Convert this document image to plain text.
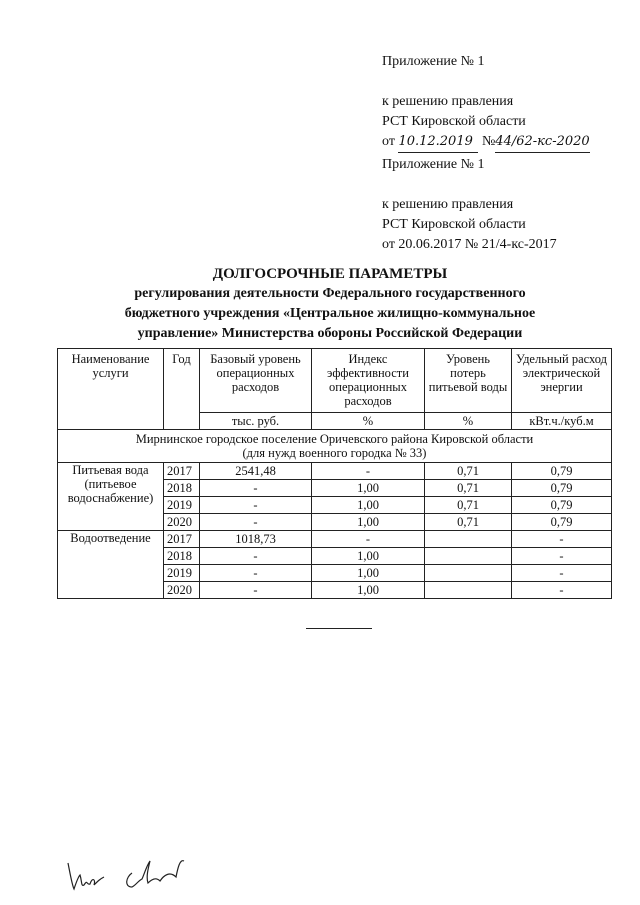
Приложение № 1
к решению правления
РСТ Кировской области
от 10.12.2019 №44/62-кс-2020
Приложение № 1
к решению правления
РСТ Кировской области
от 20.06.2017 № 21/4-кс-2017
ДОЛГОСРОЧНЫЕ ПАРАМЕТРЫ
регулирования деятельности Федерального государственного
бюджетного учреждения «Центральное жилищно-коммунальное
управление» Министерства обороны Российской Федерации
Наименование услуги	Год	Базовый уровень операционных расходов	Индекс эффективности операционных расходов	Уровень потерь питьевой воды	Удельный расход электрической энергии
		тыс. руб.	%	%	кВт.ч./куб.м

Мирнинское городское поселение Оричевского района Кировской области
(для нужд военного городка № 33)					

Питьевая вода (питьевое водоснабжение)	2017	2541,48	-	0,71	0,79
	2018	-	1,00	0,71	0,79
	2019	-	1,00	0,71	0,79
	2020	-	1,00	0,71	0,79
Водоотведение	2017	1018,73	-		-
	2018	-	1,00		-
	2019	-	1,00		-
	2020	-	1,00		-
